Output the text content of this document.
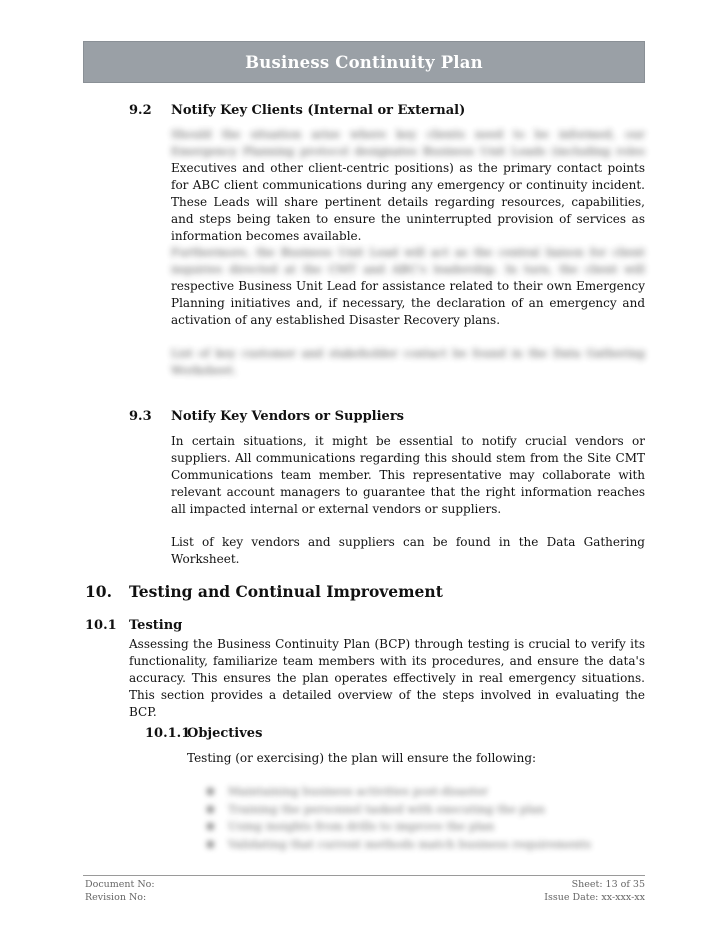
Business Continuity Plan
9.2 Notify Key Clients (Internal or External)
Should the situation arise where key clients need to be informed, our Emergency Planning protocol designates Business Unit Leads (including roles

Executives and other client-centric positions) as the primary contact points for ABC client communications during any emergency or continuity incident. These Leads will share pertinent details regarding resources, capabilities, and steps being taken to ensure the uninterrupted provision of services as information becomes available.

Furthermore, the Business Unit Lead will act as the central liaison for client inquiries directed at the CMT and ABC's leadership. In turn, the client will

respective Business Unit Lead for assistance related to their own Emergency Planning initiatives and, if necessary, the declaration of an emergency and activation of any established Disaster Recovery plans.

List of key customer and stakeholder contact be found in the Data Gathering Worksheet.
9.3 Notify Key Vendors or Suppliers

In certain situations, it might be essential to notify crucial vendors or suppliers. All communications regarding this should stem from the Site CMT Communications team member. This representative may collaborate with relevant account managers to guarantee that the right information reaches all impacted internal or external vendors or suppliers.

List of key vendors and suppliers can be found in the Data Gathering Worksheet.

10. Testing and Continual Improvement
10.1 Testing

Assessing the Business Continuity Plan (BCP) through testing is crucial to verify its functionality, familiarize team members with its procedures, and ensure the data's accuracy. This ensures the plan operates effectively in real emergency situations. This section provides a detailed overview of the steps involved in evaluating the BCP.

10.1.1
Objectives

Testing (or exercising) the plan will ensure the following:

● Maintaining business activities post-disaster
● Training the personnel tasked with executing the plan
● Using insights from drills to improve the plan
● Validating that current methods match business requirements
Document No:
Revision No:
Sheet: 13 of 35
Issue Date: xx-xxx-xx
